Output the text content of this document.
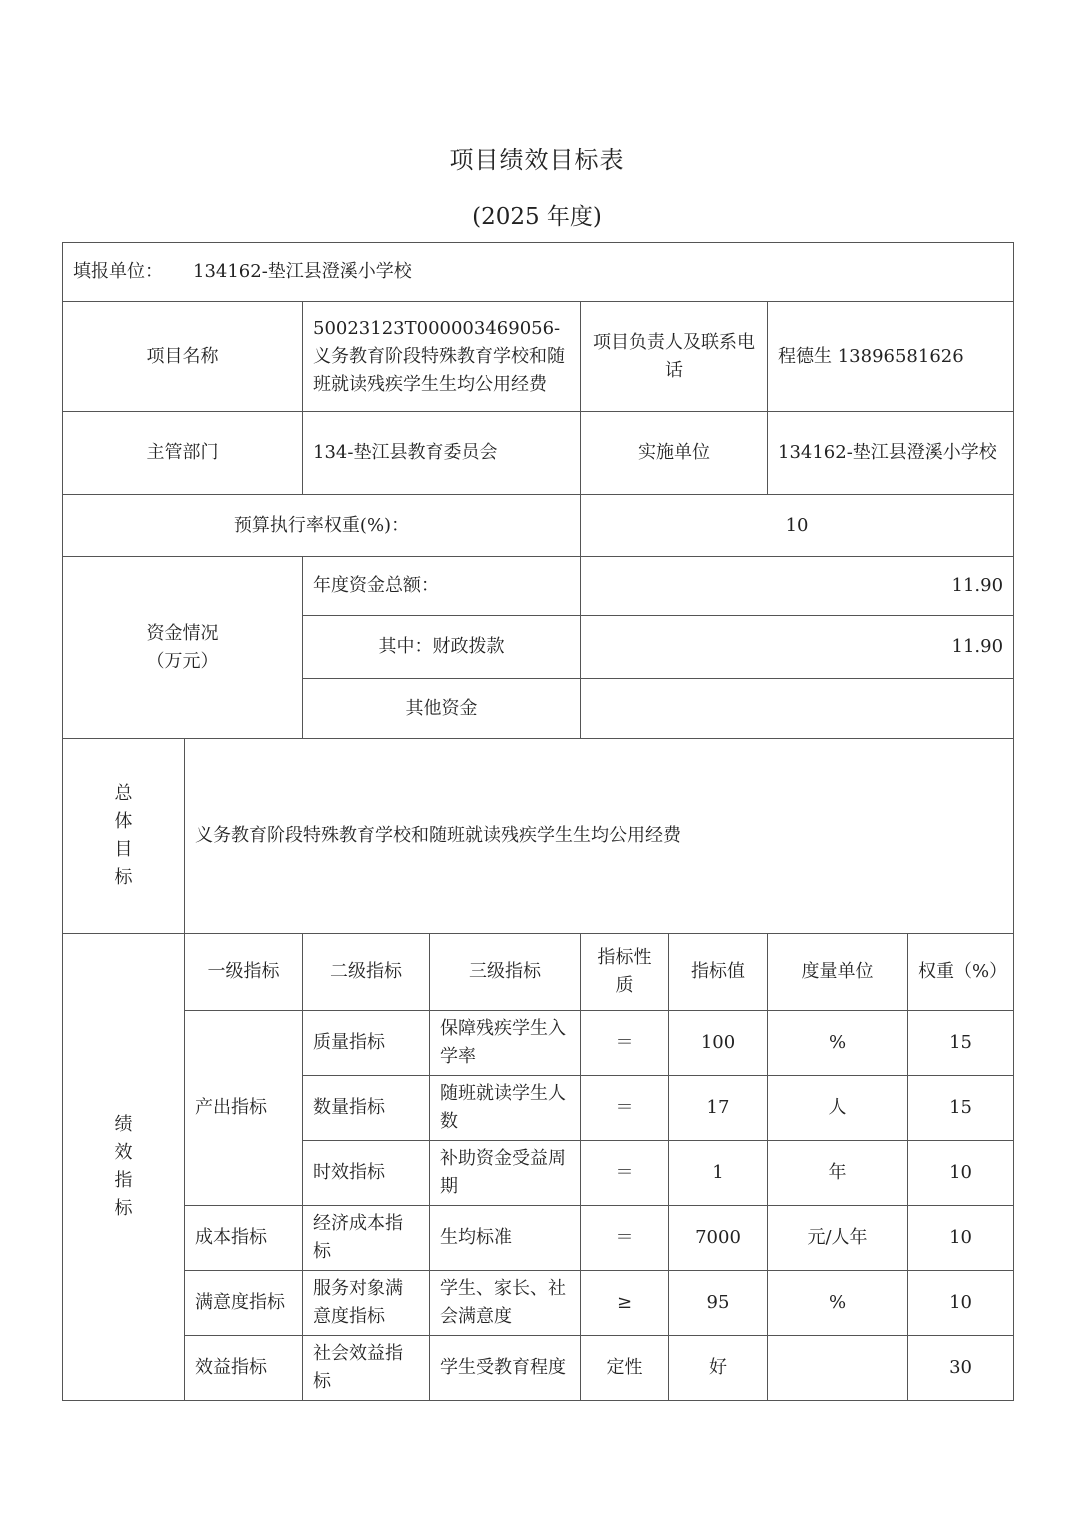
项目绩效目标表
(2025 年度)
填报单位： 134162-垫江县澄溪小学校							
项目名称		50023123T000003469056-义务教育阶段特殊教育学校和随班就读残疾学生生均公用经费		项目负责人及联系电话		程德生 13896581626	
主管部门		134-垫江县教育委员会		实施单位		134162-垫江县澄溪小学校	
预算执行率权重(%)：				10			
资金情况
（万元）		年度资金总额：		11.90			
		其中：财政拨款		11.90			
		其他资金					

总
体
目
标	义务教育阶段特殊教育学校和随班就读残疾学生生均公用经费						

绩
效
指
标	一级指标	二级指标	三级指标	指标性质	指标值	度量单位	权重（%）
	产出指标	质量指标	保障残疾学生入学率	＝	100	%	15
		数量指标	随班就读学生人数	＝	17	人	15
		时效指标	补助资金受益周期	＝	1	年	10
	成本指标	经济成本指标	生均标准	＝	7000	元/人年	10
	满意度指标	服务对象满意度指标	学生、家长、社会满意度	≥	95	%	10
	效益指标	社会效益指标	学生受教育程度	定性	好		30
